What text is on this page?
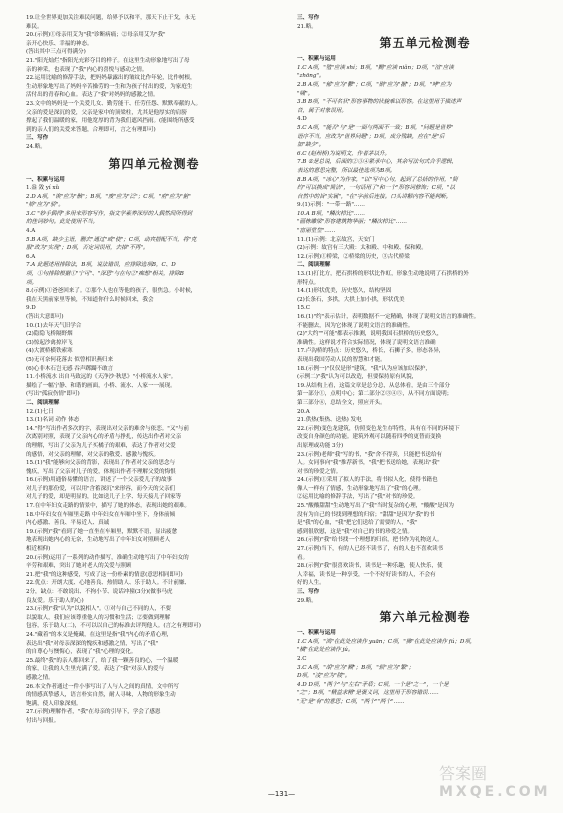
19.让全世界更加关注难民问题，给界予以和平，那天下止干戈，永无
难民。
20.(示例)①母亲用艾为"我"诊断病痛；②母亲用艾为"我"
亲开心快乐、幸福的神态。
(答出其中三点可得满分)
21."阳光灿烂"指阳光充彩夺目的样子。在这里生动形象地写出了母
亲的神采，也表现了"我"内心的喜悦与感动之情。
22.运用比喻的修辞手法，把妈妈暴露出的皱纹比作年轮，比作树根，
生动形象地写出了妈妈辛苦操劳的一生和为孩子付出的爱，为家庭生
活付出的青春和心血。表达了"我"对妈妈的感激之情。
23.文中的妈妈是一个关爱儿女、勤劳能干、任劳任怨、默默奉献的人。
父亲的爱是深沉的爱，父亲是家中的顶梁柱，尤其是他厚实的肩膀
撑起了我们温暖的家，用他宽厚的背为我们遮风挡雨。(能围绕所感受
到的亲人们的关爱来答题，合理即可，言之有理即可)
三、写作
24.略。
第四单元检测卷
一、积累与运用
1.盎 敛 yí xǔ
2.D A项，"诶"应为"骸"；B项，"废"应为"泛"；C项，"府"应为"俯"
"娇"应为"骄"。
3.C "妙手偶得"多用来形容写作，指文学素养深厚的人偶然间所得到
的佳词妙句。此处使用不当。
4.A
5.B A项，缺少主语，删去"通过"或"使"；C项，动宾搭配不当，将"克
服"改为"实现"；D项，否定词误用，去掉"不再"。
6.A
7.A 此题述用排除法，B项，说法错误，应排除选项B，C、D
项，①句排除根据①"宁可"、"深思"与在句②"痴想"相关，排除B
项。
8.(示例)①爸爸回来了。②那个人也在等他的孩子，很焦急。小时候，
我在天黑前家里等候，不知道你什么时候回来，我会
9.D
(答出大意即可)
10.(1)去年天气旧学合
(2)隐隐飞桥隔野烟
(3)惊起沙禽掠岸飞
(4)大渡桥横铁索寒
(5)无可奈何花落去 似曾相识燕归来
(6)心非木石岂无感 吞声踯躅不敢言
11.小桥流水 出自马致远的《天净沙·秋思》"小桥流水人家"。
描绘了一幅宁静、和谐的画面，小桥、流水、人家一一展现。
(写出"孤寂伤情"即可)
二、阅读理解
12.(1)七日
13.(1)名词 动作 体态
14."得"写出作者多次的字，表现出对父亲的难舍与依恋。"又"与前
次离别对照，表现了父亲内心的矛盾与挣扎，传达出作者对父亲
的理解，写出了父亲为儿子买橘子的艰难，表达了作者对父爱
的感悟，对父亲的理解，对父亲的敬爱、感激与愧疚。
15.(1)"我"能够向父亲的背影，表现出了作者对父亲的思念与
愧疚，写出了父亲对儿子的爱，体现出作者不理解父爱的悔恨
16.(示例)用通俗易懂的语言，讲述了一个父亲爱儿子的故事
对儿子的那份爱，可以用"含蓄深沉"来形容，而今天的父亲们
对儿子的爱，却是明显的，比如送儿子上学、每天接儿子回家等
17.在中年妇女走路的情景中，描写了她的体态，表现出她的艰难。
18.中年妇女在车厢里走路 中年妇女在车厢中坐下，身体前倾
内心感激、善良、平易近人、真诚
19.(示例)"我"看到了她一直坐在车厢里，默默不语，显出疲惫
地表现出她内心的无奈，生动地写出了中年妇女对照顾老人
相近相仰)
20.(示例)运用了一系列的动作描写，准确生动地写出了中年妇女的
辛劳和艰难，突出了她对老人的关爱与照顾
21.把"我"的这种感受，写成了这一份朴素的情意(意思相同即可)
22.优点：开朗大度、心地善良、热情助人、乐于助人。不计前嫌、
2分，缺点：不敢说出、不拘小节、说话冲撞(3分)(做事马虎
良友爱。乐于助人的心)
23.(示例)"我"认为"以貌相人"。①对与自己不同的人，不要
以貌取人，我们应该尊重他人的习惯和生活；②要做到理解
包容，乐于助人(二)，不可以以自己的标准去评判他人。(言之有理即可)
24."藏着"的本义是掩藏，在这里是指"我"内心的矛盾心理，
表达出"我"对母亲深深的愧疚和感激之情，写出了"我"
的自尊心与懊悔心，表现了"我"心理的变化。
25.最终"我"的亲人都回来了，给了我一颗善良的心，一个温暖
的家，让我的人生里充满了爱。表达了"我"对亲人的爱与
感激之情。
26.本文作者通过一件小事写出了人与人之间的真情，文中所写
的情感真挚感人，语言朴实自然，耐人寻味，人物的形象生动
饱满，使人印象深刻。
27.(示例)理解作者，"我"在母亲的引导下，学会了感恩
付出与回报。
三、写作
21.略。
第五单元检测卷
一、积累与运用
1.C A项，"殖"应读 shí；B项，"黝"应读 niǎn；D项，"渲"应读
"zhōng"。
2.B A项，"郁"应为"鬱"；C项，"剧"应为"据"；D项，"哮"应为
"啸"。
3.B B项，"不可名状"形容事物的状貌难以形容。在这里用于描述声
音，属于对象误用。
4.D
5.C A项，"能否"与"是"一面与两面不一致；B项，"问题是世界"
语序不当，应改为"世界问题"；D项，成分残缺，应在"是"后
加"缺少"。
6.C (赵州桥)为说明文，作者茅以升。
7.B ①是总说，后面的②③④紧承中心，其余写法句式合乎逻辑，
表达的意思完整，所以最佳选项为B项。
8.B A项，"冰心"为作家，"以"写中心句，起到了总括的作用，"简
约"可以换成"简洁"，一句话用了"和一个"形容词修饰；C项，"以
自然中的旨"实属"，"在"字前后连接。口头讲解内容不能判断。
9.(1)示例："一带一路"……
10.A B项，"鳞次栉比"……
"画栋雕梁"形容建筑物华丽；"鳞次栉比"……
"富丽堂皇"……
11.(1)示例：北京故宫，天安门
(2)示例：故宫有三大殿：太和殿、中和殿、保和殿。
12.(示例)①桥梁，②桥梁的历史，③古代桥梁
二、阅读理解
13.(1)打比方，把石拱桥的形状比作虹，形象生动地说明了石拱桥的外
形特点。
14.(1)形状优美，历史悠久，结构坚固
(2)长条石，多拱，大拱上加小拱，形状优美
15.C
16.(1)"约"表示估计，表明数据不一定精确，体现了说明文语言的准确性。
不能删去，因为它体现了说明文语言的准确性。
(2)"大约""可能"都表示推测，说明我国石拱桥的历史悠久，
准确性。这样说才符合实际情况，体现了说明文语言准确
17.卢沟桥的特点：历史悠久，桥长，石狮子多，形态各异，
表现出我国劳动人民的智慧和才能。
18.(示例一)"仅仅是形"建筑，"我"认为应该加以保护，
(示例二)"我"认为可以改造，但要保持原有风貌，
19.从结构上看，这篇文章是总分总，从总体看，是由三个部分
第一部分①，点明中心；第二部分②③④⑤，从不同方面说明；
第三部分⑥，总结全文，照应开头。
20.A
21.供热(集热、送热) 发电
22.(示例)变色龙建筑，仿照变色龙生存特性，具有在不同的环境下
改变自身颜色的功能。建筑外观可以随着四季的更替而变换
出原理或功能 3分)
23.(示例)老师"我"写的书，"我"舍不得卖，只能把书送给有
人。女同事向"我"推荐新书，"我"把书送给她，表现出"我"
对书的珍爱之情。
24.(示例)①采用了拟人的手法，将书拟人化，使得书籍也
像人一样有了情感，生动形象地写出了"我"的心理。
②运用比喻的修辞手法，写出了"我"对书的珍爱。
25."酸酸甜甜"生动地写出了"我"当时复杂的心理，"酸酸"是因为
没有为自己的书找到理想的归宿；"甜甜"是因为"我"的书
是"我"的心血，"我"把它们送给了需要的人，"我"
感到很欣慰，这是"我"对自己的书的珍爱之情。
26.(示例)"我"给书找一个理想的归宿，把书作为礼物送人。
27.(示例)当下，有的人已经不读书了，有的人也不喜欢读书
看。
28.(示例)"我"很喜欢读书，读书是一种乐趣，使人快乐，使
人幸福，读书是一种享受，一个不好好读书的人，不会有
好的人生。
三、写作
29.略。
第六单元检测卷
一、积累与运用
1.C A项，"鸿"在此处应读作 yuān；C项，"拂"在此处应读作 fú；D项，
"橘"在此处应读作 jú。
2.C
3.C A项，"胡"应为"糊"；B项，"烦"应为"繁"；
D项，"凌"应为"陵"。
4.D D项，"两个"与"左右"矛盾；C项，一个是"之一"，一个是
"之"；B项，"精益求精"是褒义词，这里用于形容错误……
"无"是"有"的意思；C项，"两个""两个"……
—131—
答案圈
MXQE.COM
